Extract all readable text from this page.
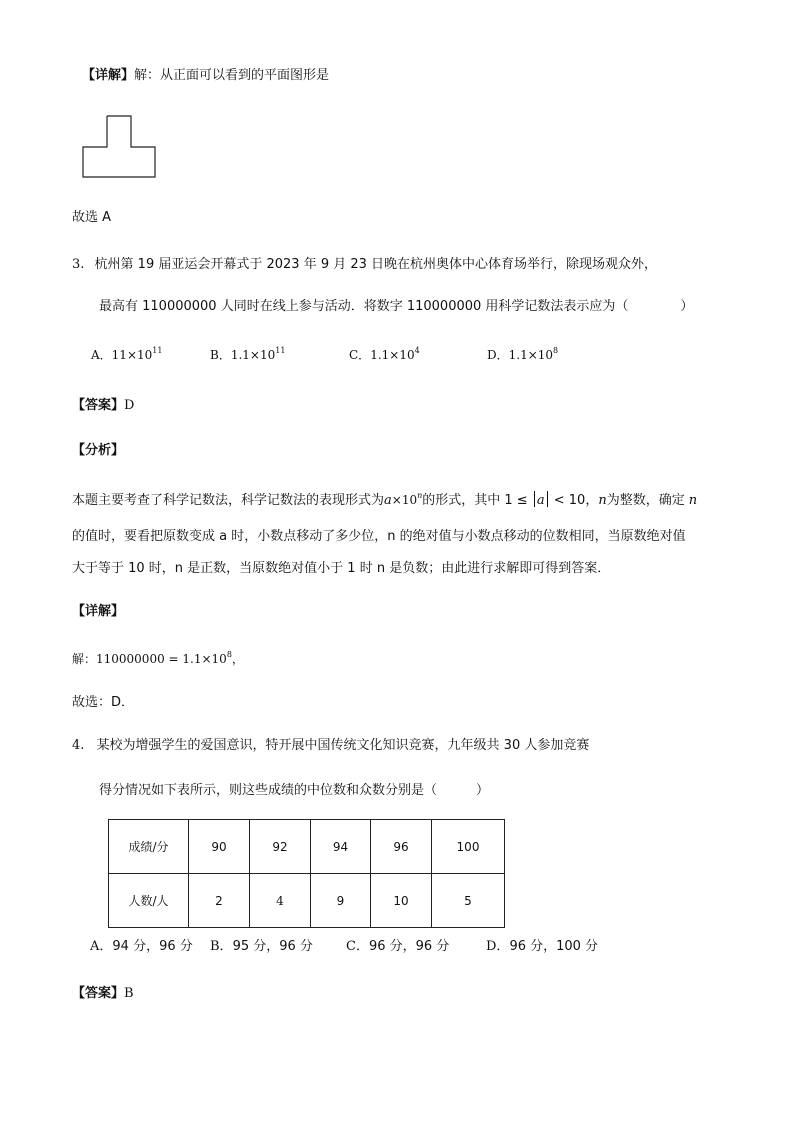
【详解】解：从正面可以看到的平面图形是
故选 A
3. 杭州第 19 届亚运会开幕式于 2023 年 9 月 23 日晚在杭州奥体中心体育场举行，除现场观众外，
最高有 110000000 人同时在线上参与活动．将数字 110000000 用科学记数法表示应为（　　　　）
A．$11\times 10^{11}$	B．$1.1\times 10^{11}$	C．$1.1\times 10^4$	D．$1.1\times 10^8$
【答案】D
【分析】
本题主要考查了科学记数法，科学记数法的表现形式为$a\times 10^n$的形式，其中 1 ≤ a < 10，n为整数，确定 n
的值时，要看把原数变成 a 时，小数点移动了多少位，n 的绝对值与小数点移动的位数相同，当原数绝对值
大于等于 10 时，n 是正数，当原数绝对值小于 1 时 n 是负数；由此进行求解即可得到答案．
【详解】
解：$110000000 = 1.1\times 10^8$，
故选：D．
4. 某校为增强学生的爱国意识，特开展中国传统文化知识竞赛，九年级共 30 人参加竞赛
得分情况如下表所示，则这些成绩的中位数和众数分别是（　　　）
成绩/分	90	92	94	96	100
人数/人	2	4	9	10	5
A．94 分，96 分 B．95 分，96 分	C．96 分，96 分	D．96 分，100 分
【答案】B
